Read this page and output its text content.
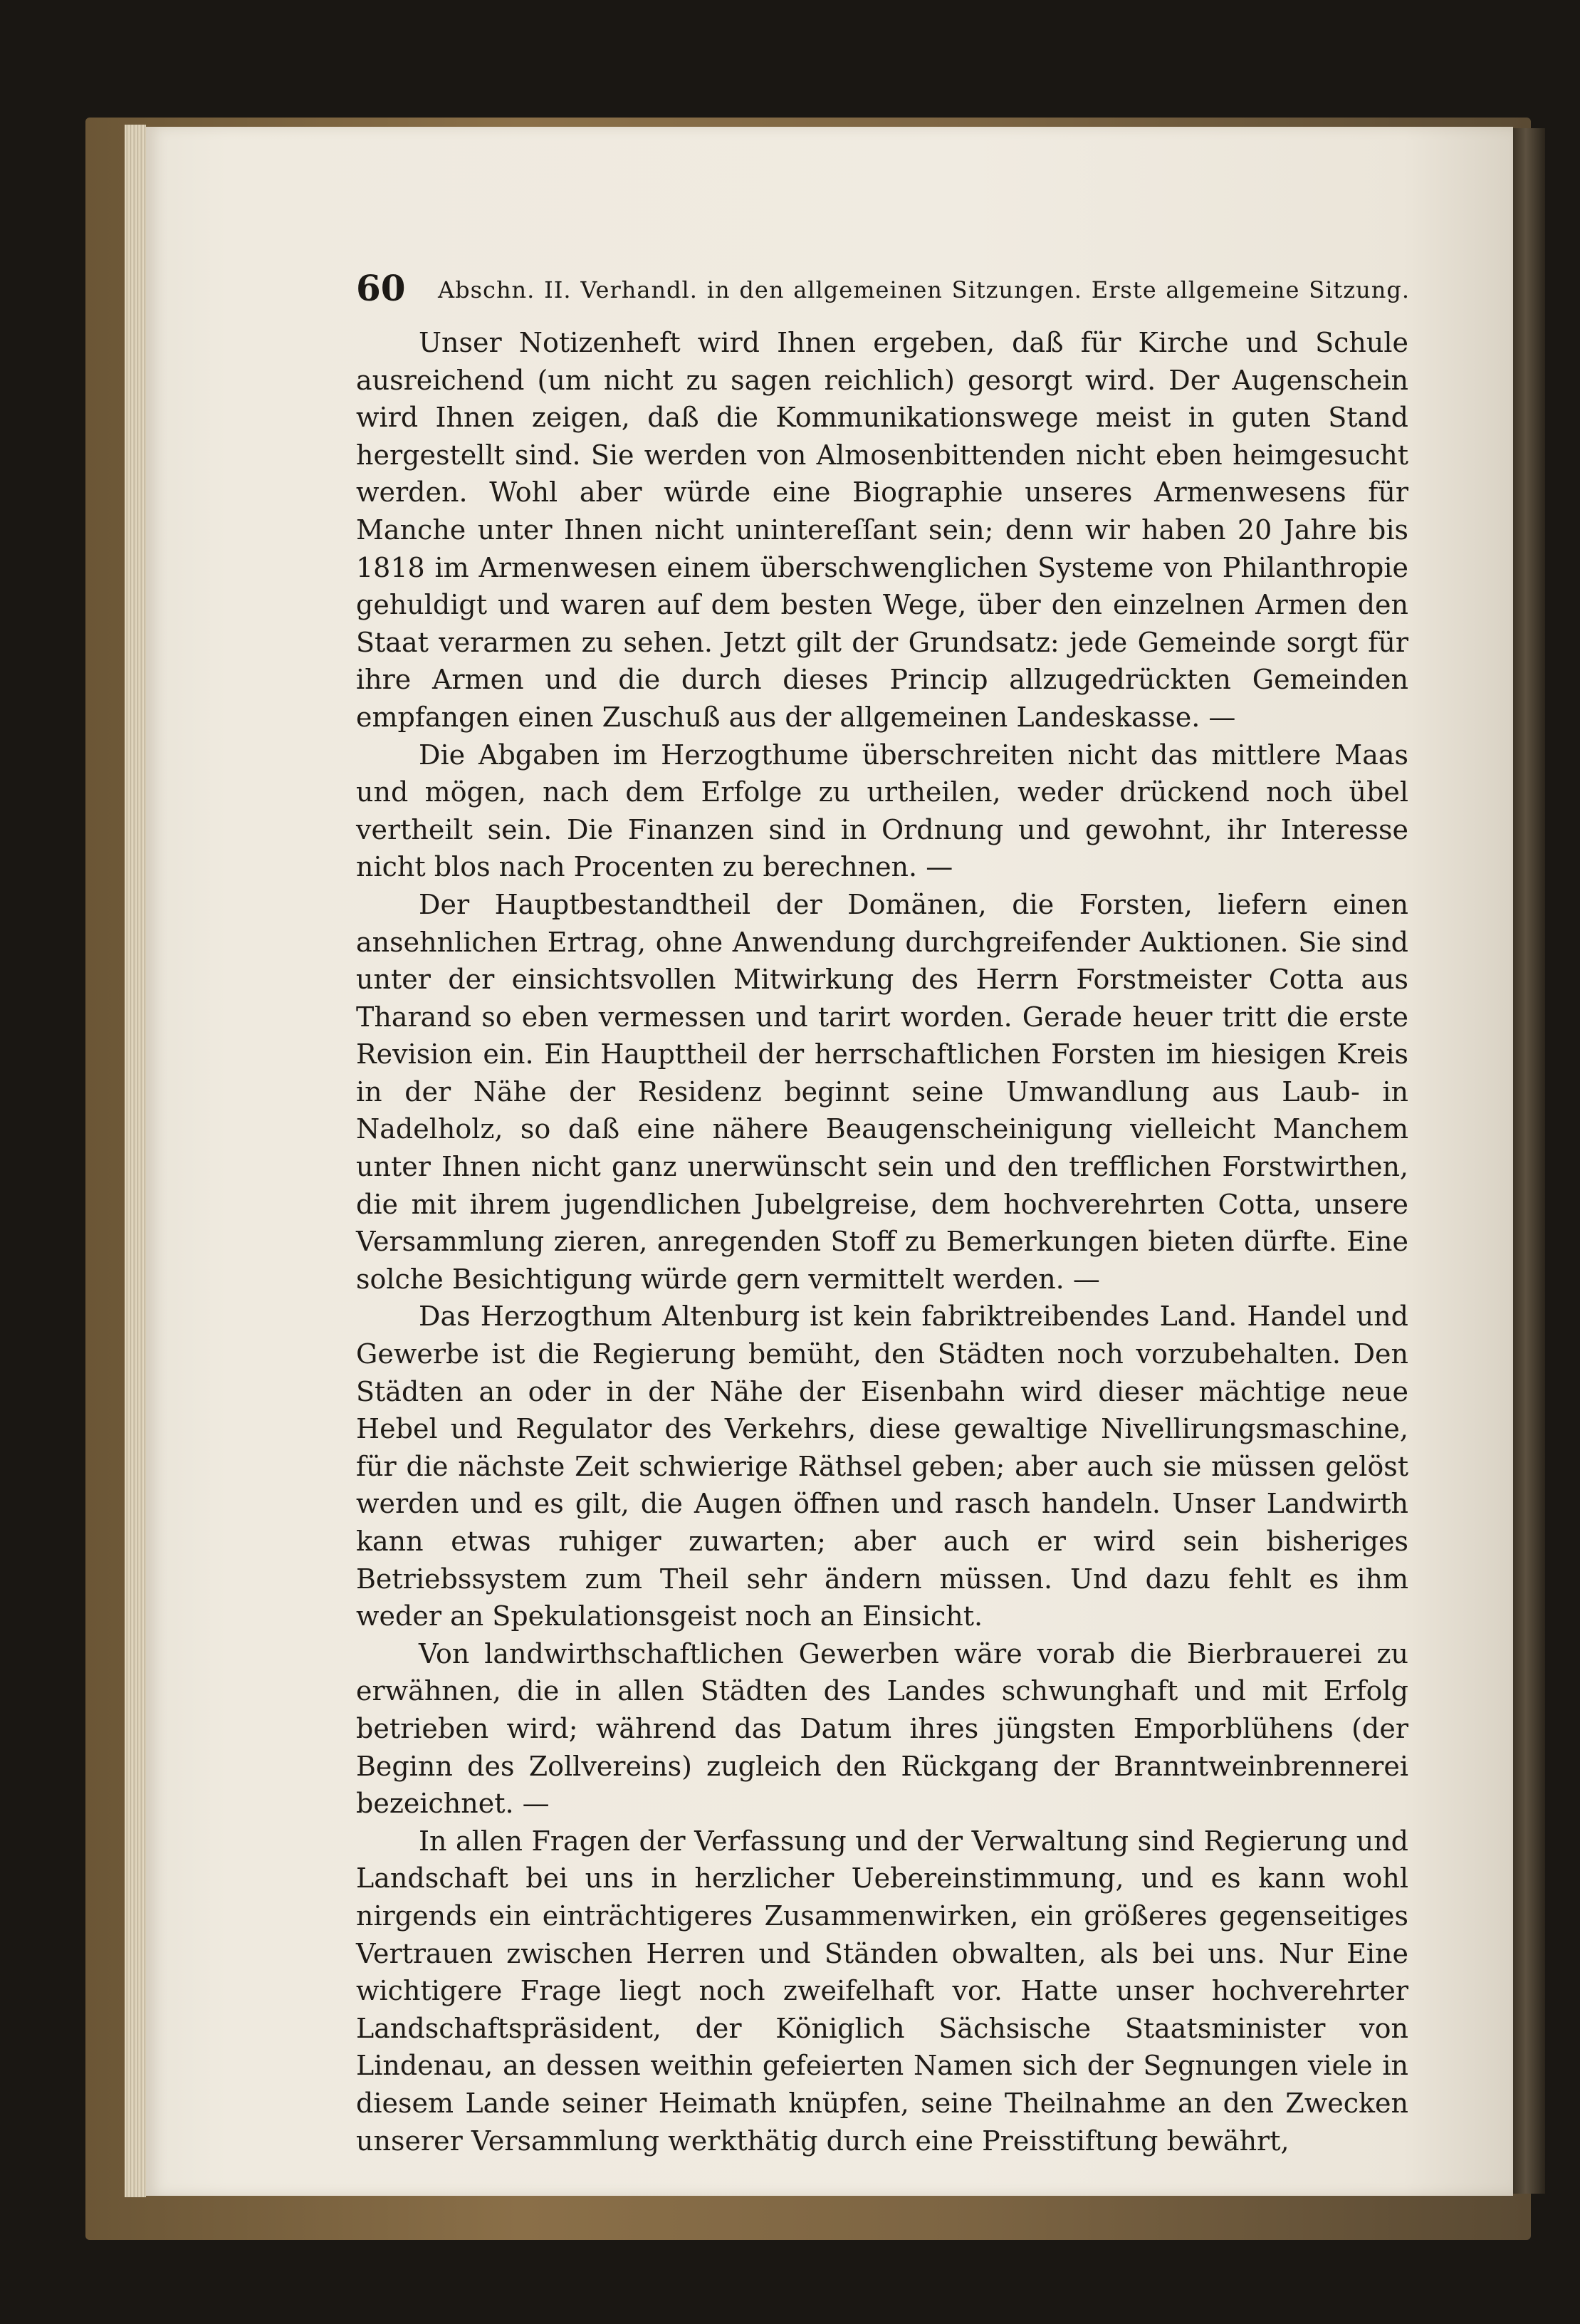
60 Abschn. II. Verhandl. in den allgemeinen Sitzungen. Erste allgemeine Sitzung.

Unser Notizenheft wird Ihnen ergeben, daß für Kirche und Schule ausreichend (um nicht zu sagen reichlich) gesorgt wird. Der Augenschein wird Ihnen zeigen, daß die Kommunikationswege meist in guten Stand hergestellt sind. Sie werden von Almosenbittenden nicht eben heimgesucht werden. Wohl aber würde eine Biographie unseres Armenwesens für Manche unter Ihnen nicht unintereſſant sein; denn wir haben 20 Jahre bis 1818 im Armenwesen einem überschwenglichen Systeme von Philanthropie gehuldigt und waren auf dem besten Wege, über den einzelnen Armen den Staat verarmen zu sehen. Jetzt gilt der Grundsatz: jede Gemeinde sorgt für ihre Armen und die durch dieses Princip allzugedrückten Gemeinden empfangen einen Zuschuß aus der allgemeinen Landeskasse. —

Die Abgaben im Herzogthume überschreiten nicht das mittlere Maas und mögen, nach dem Erfolge zu urtheilen, weder drückend noch übel vertheilt sein. Die Finanzen sind in Ordnung und gewohnt, ihr Interesse nicht blos nach Procenten zu berechnen. —

Der Hauptbestandtheil der Domänen, die Forsten, liefern einen ansehnlichen Ertrag, ohne Anwendung durchgreifender Auktionen. Sie sind unter der einsichtsvollen Mitwirkung des Herrn Forstmeister Cotta aus Tharand so eben vermessen und tarirt worden. Gerade heuer tritt die erste Revision ein. Ein Haupttheil der herrschaftlichen Forsten im hiesigen Kreis in der Nähe der Residenz beginnt seine Umwandlung aus Laub- in Nadelholz, so daß eine nähere Beaugenscheinigung vielleicht Manchem unter Ihnen nicht ganz unerwünscht sein und den trefflichen Forstwirthen, die mit ihrem jugendlichen Jubelgreise, dem hochverehrten Cotta, unsere Versammlung zieren, anregenden Stoff zu Bemerkungen bieten dürfte. Eine solche Besichtigung würde gern vermittelt werden. —

Das Herzogthum Altenburg ist kein fabriktreibendes Land. Handel und Gewerbe ist die Regierung bemüht, den Städten noch vorzubehalten. Den Städten an oder in der Nähe der Eisenbahn wird dieser mächtige neue Hebel und Regulator des Verkehrs, diese gewaltige Nivellirungsmaschine, für die nächste Zeit schwierige Räthsel geben; aber auch sie müssen gelöst werden und es gilt, die Augen öffnen und rasch handeln. Unser Landwirth kann etwas ruhiger zuwarten; aber auch er wird sein bisheriges Betriebssystem zum Theil sehr ändern müssen. Und dazu fehlt es ihm weder an Spekulationsgeist noch an Einsicht.

Von landwirthschaftlichen Gewerben wäre vorab die Bierbrauerei zu erwähnen, die in allen Städten des Landes schwunghaft und mit Erfolg betrieben wird; während das Datum ihres jüngsten Emporblühens (der Beginn des Zollvereins) zugleich den Rückgang der Branntweinbrennerei bezeichnet. —

In allen Fragen der Verfassung und der Verwaltung sind Regierung und Landschaft bei uns in herzlicher Uebereinstimmung, und es kann wohl nirgends ein einträchtigeres Zusammenwirken, ein größeres gegenseitiges Vertrauen zwischen Herren und Ständen obwalten, als bei uns. Nur Eine wichtigere Frage liegt noch zweifelhaft vor. Hatte unser hochverehrter Landschaftspräsident, der Königlich Sächsische Staatsminister von Lindenau, an dessen weithin gefeierten Namen sich der Segnungen viele in diesem Lande seiner Heimath knüpfen, seine Theilnahme an den Zwecken unserer Versammlung werkthätig durch eine Preisstiftung bewährt,
